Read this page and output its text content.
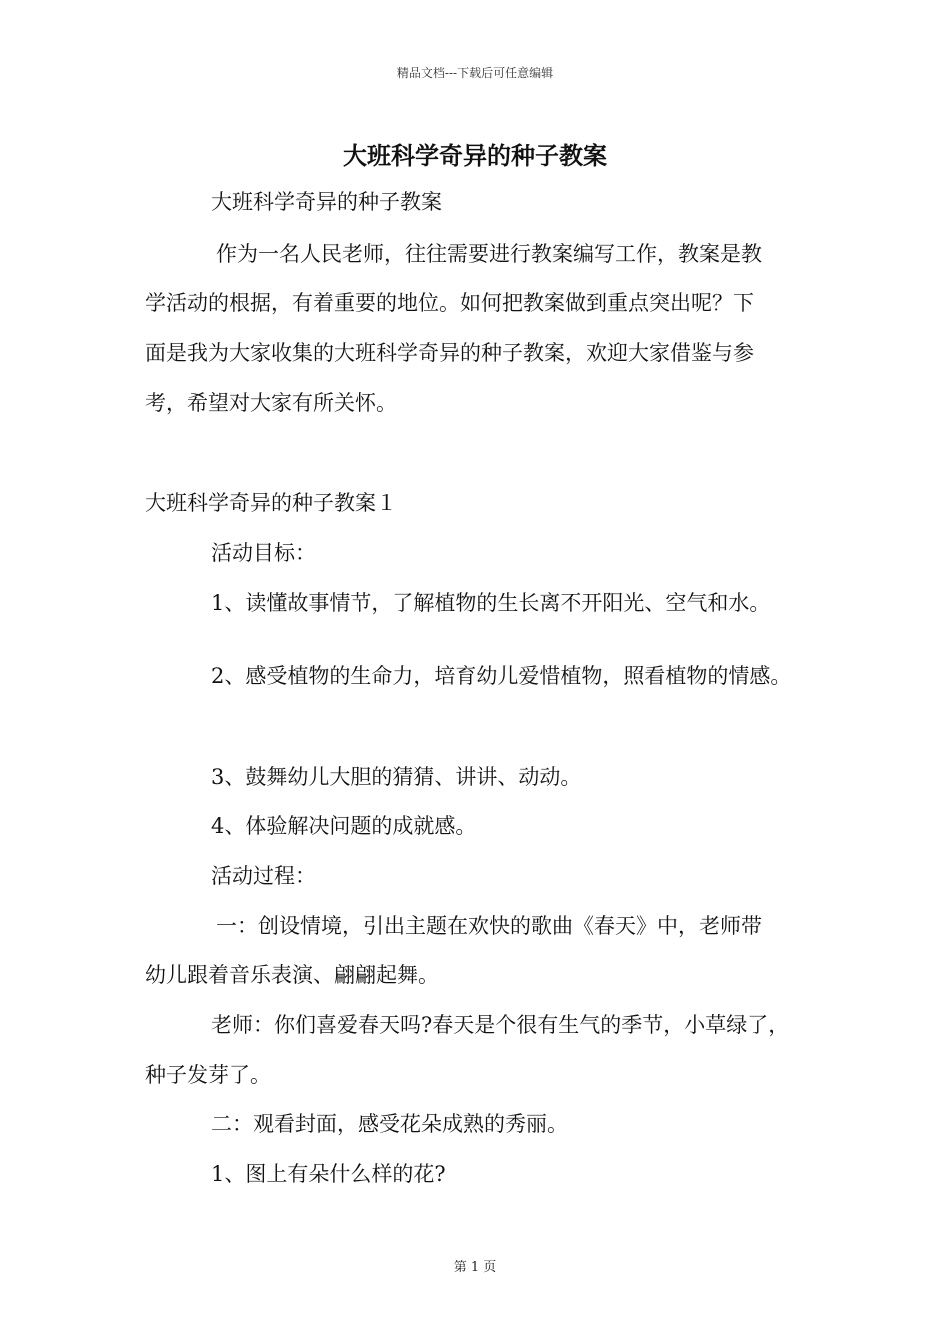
精品文档---下载后可任意编辑
大班科学奇异的种子教案
大班科学奇异的种子教案
作为一名人民老师，往往需要进行教案编写工作，教案是教
学活动的根据，有着重要的地位。如何把教案做到重点突出呢？下
面是我为大家收集的大班科学奇异的种子教案，欢迎大家借鉴与参
考，希望对大家有所关怀。
大班科学奇异的种子教案１
活动目标：
1、读懂故事情节，了解植物的生长离不开阳光、空气和水。
2、感受植物的生命力，培育幼儿爱惜植物，照看植物的情感。
3、鼓舞幼儿大胆的猜猜、讲讲、动动。
4、体验解决问题的成就感。
活动过程：
一：创设情境，引出主题在欢快的歌曲《春天》中，老师带
幼儿跟着音乐表演、翩翩起舞。
老师：你们喜爱春天吗?春天是个很有生气的季节，小草绿了，
种子发芽了。
二：观看封面，感受花朵成熟的秀丽。
1、图上有朵什么样的花?
第 1 页
